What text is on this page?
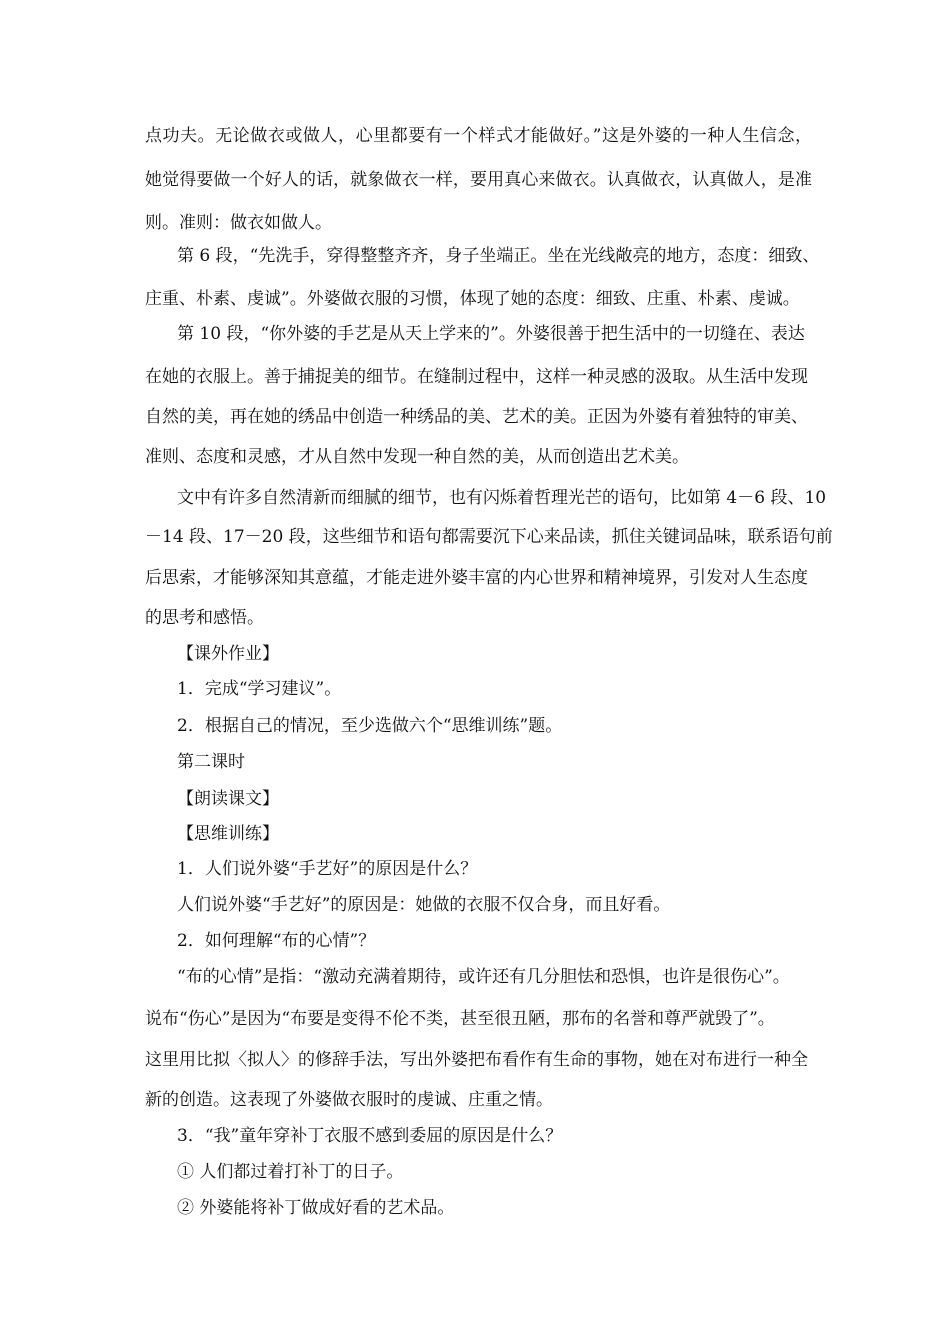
点功夫。无论做衣或做人，心里都要有一个样式才能做好。”这是外婆的一种人生信念，
她觉得要做一个好人的话，就象做衣一样，要用真心来做衣。认真做衣，认真做人，是准
则。准则：做衣如做人。
第 6 段，“先洗手，穿得整整齐齐，身子坐端正。坐在光线敞亮的地方，态度：细致、
庄重、朴素、虔诚”。外婆做衣服的习惯，体现了她的态度：细致、庄重、朴素、虔诚。
第 10 段，“你外婆的手艺是从天上学来的”。外婆很善于把生活中的一切缝在、表达
在她的衣服上。善于捕捉美的细节。在缝制过程中，这样一种灵感的汲取。从生活中发现
自然的美，再在她的绣品中创造一种绣品的美、艺术的美。正因为外婆有着独特的审美、
准则、态度和灵感，才从自然中发现一种自然的美，从而创造出艺术美。
文中有许多自然清新而细腻的细节，也有闪烁着哲理光芒的语句，比如第 4－6 段、10
－14 段、17－20 段，这些细节和语句都需要沉下心来品读，抓住关键词品味，联系语句前
后思索，才能够深知其意蕴，才能走进外婆丰富的内心世界和精神境界，引发对人生态度
的思考和感悟。
【课外作业】
1．完成“学习建议”。
2．根据自己的情况，至少选做六个“思维训练”题。
第二课时
【朗读课文】
【思维训练】
1．人们说外婆“手艺好”的原因是什么？
人们说外婆“手艺好”的原因是：她做的衣服不仅合身，而且好看。
2．如何理解“布的心情”？
“布的心情”是指：“激动充满着期待，或许还有几分胆怯和恐惧，也许是很伤心”。
说布“伤心”是因为“布要是变得不伦不类，甚至很丑陋，那布的名誉和尊严就毁了”。
这里用比拟〈拟人〉的修辞手法，写出外婆把布看作有生命的事物，她在对布进行一种全
新的创造。这表现了外婆做衣服时的虔诚、庄重之情。
3．“我”童年穿补丁衣服不感到委屈的原因是什么？
① 人们都过着打补丁的日子。
② 外婆能将补丁做成好看的艺术品。
